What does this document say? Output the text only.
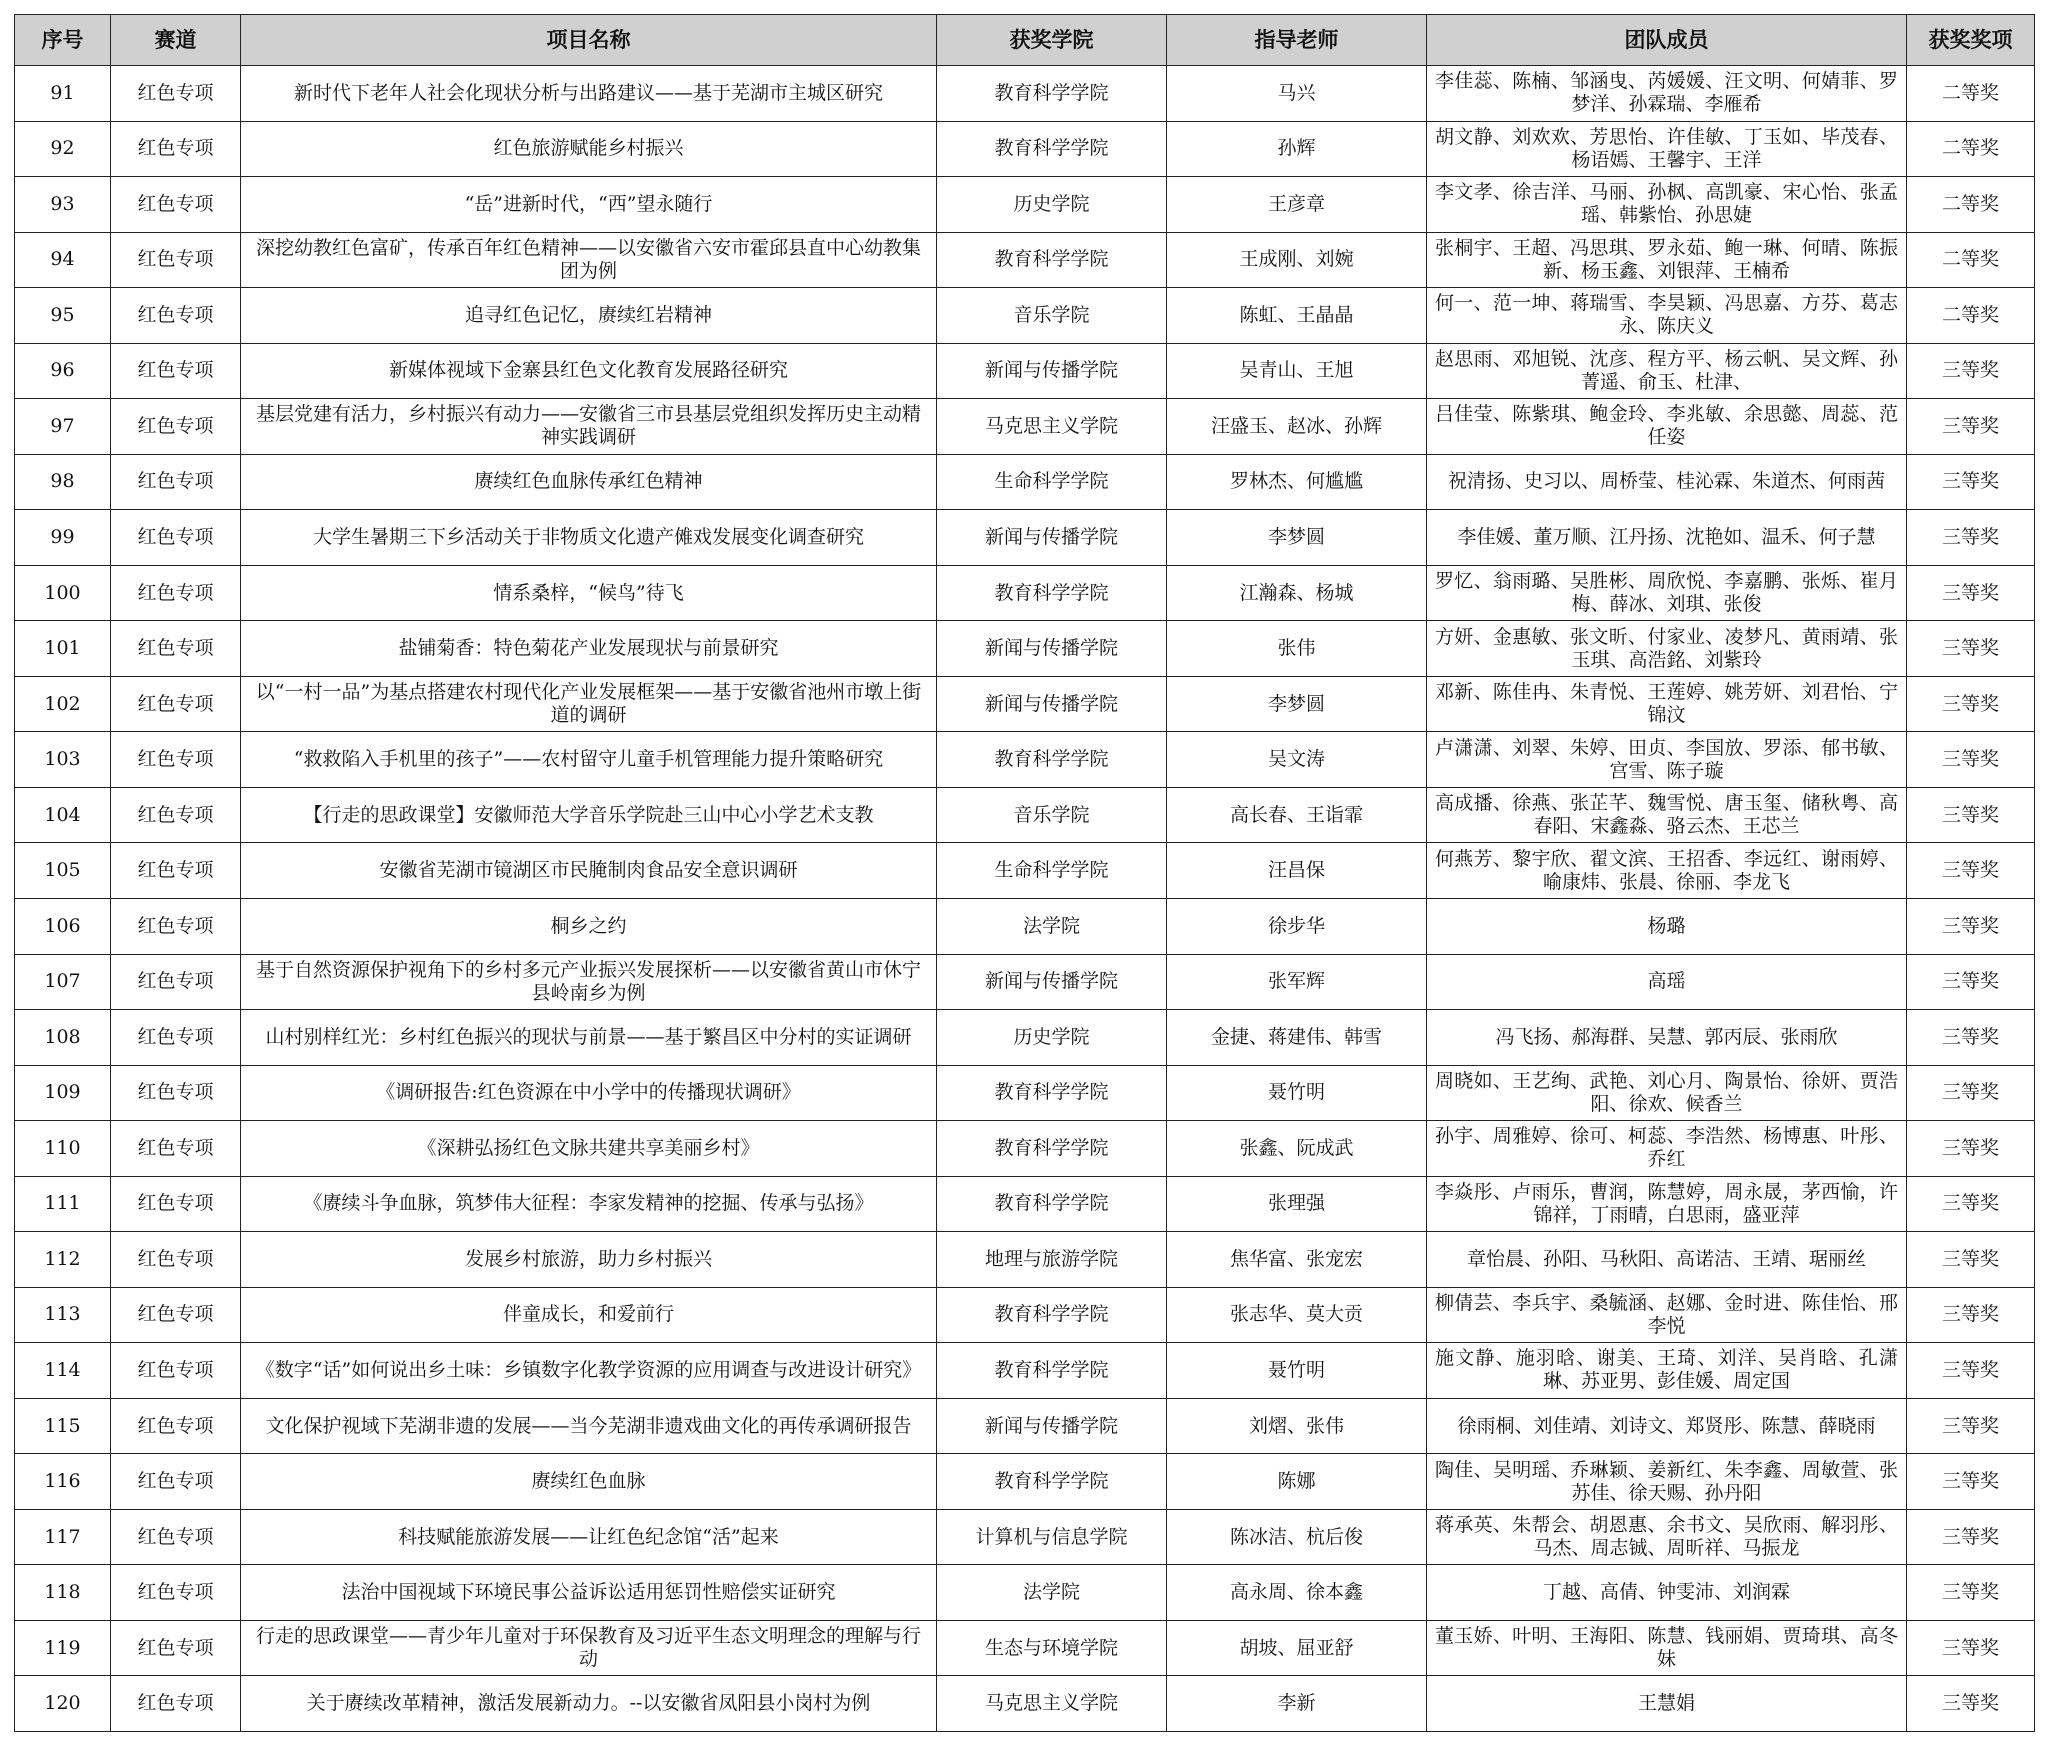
序号	赛道	项目名称	获奖学院	指导老师	团队成员	获奖奖项
91	红色专项	新时代下老年人社会化现状分析与出路建议——基于芜湖市主城区研究	教育科学学院	马兴	李佳蕊、陈楠、邹涵曳、芮媛媛、汪文明、何婧菲、罗梦洋、孙霖瑞、李雁希	二等奖
92	红色专项	红色旅游赋能乡村振兴	教育科学学院	孙辉	胡文静、刘欢欢、芳思怡、许佳敏、丁玉如、毕茂春、杨语嫣、王馨宇、王洋	二等奖
93	红色专项	“岳”进新时代，“西”望永随行	历史学院	王彦章	李文孝、徐吉洋、马丽、孙枫、高凯豪、宋心怡、张孟瑶、韩紫怡、孙思婕	二等奖
94	红色专项	深挖幼教红色富矿，传承百年红色精神——以安徽省六安市霍邱县直中心幼教集团为例	教育科学学院	王成刚、刘婉	张桐宇、王超、冯思琪、罗永茹、鲍一琳、何晴、陈振新、杨玉鑫、刘银萍、王楠希	二等奖
95	红色专项	追寻红色记忆，赓续红岩精神	音乐学院	陈虹、王晶晶	何一、范一坤、蒋瑞雪、李昊颖、冯思嘉、方芬、葛志永、陈庆义	二等奖
96	红色专项	新媒体视域下金寨县红色文化教育发展路径研究	新闻与传播学院	吴青山、王旭	赵思雨、邓旭锐、沈彦、程方平、杨云帆、吴文辉、孙菁遥、俞玉、杜津、	三等奖
97	红色专项	基层党建有活力，乡村振兴有动力——安徽省三市县基层党组织发挥历史主动精神实践调研	马克思主义学院	汪盛玉、赵冰、孙辉	吕佳莹、陈紫琪、鲍金玲、李兆敏、余思懿、周蕊、范任姿	三等奖
98	红色专项	赓续红色血脉传承红色精神	生命科学学院	罗林杰、何尴尴	祝清扬、史习以、周桥莹、桂沁霖、朱道杰、何雨茜	三等奖
99	红色专项	大学生暑期三下乡活动关于非物质文化遗产傩戏发展变化调查研究	新闻与传播学院	李梦圆	李佳媛、董万顺、江丹扬、沈艳如、温禾、何子慧	三等奖
100	红色专项	情系桑梓，“候鸟”待飞	教育科学学院	江瀚森、杨城	罗忆、翁雨璐、吴胜彬、周欣悦、李嘉鹏、张烁、崔月梅、薛冰、刘琪、张俊	三等奖
101	红色专项	盐铺菊香：特色菊花产业发展现状与前景研究	新闻与传播学院	张伟	方妍、金惠敏、张文昕、付家业、凌梦凡、黄雨靖、张玉琪、高浩銘、刘紫玲	三等奖
102	红色专项	以“一村一品”为基点搭建农村现代化产业发展框架——基于安徽省池州市墩上街道的调研	新闻与传播学院	李梦圆	邓新、陈佳冉、朱青悦、王莲婷、姚芳妍、刘君怡、宁锦汶	三等奖
103	红色专项	“救救陷入手机里的孩子”——农村留守儿童手机管理能力提升策略研究	教育科学学院	吴文涛	卢潇潇、刘翠、朱婷、田贞、李国放、罗添、郁书敏、宫雪、陈子璇	三等奖
104	红色专项	【行走的思政课堂】安徽师范大学音乐学院赴三山中心小学艺术支教	音乐学院	高长春、王诣霏	高成播、徐燕、张芷芊、魏雪悦、唐玉玺、储秋粤、高春阳、宋鑫淼、骆云杰、王芯兰	三等奖
105	红色专项	安徽省芜湖市镜湖区市民腌制肉食品安全意识调研	生命科学学院	汪昌保	何燕芳、黎宇欣、翟文滨、王招香、李远红、谢雨婷、喻康炜、张晨、徐丽、李龙飞	三等奖
106	红色专项	桐乡之约	法学院	徐步华	杨璐	三等奖
107	红色专项	基于自然资源保护视角下的乡村多元产业振兴发展探析——以安徽省黄山市休宁县岭南乡为例	新闻与传播学院	张军辉	高瑶	三等奖
108	红色专项	山村别样红光：乡村红色振兴的现状与前景——基于繁昌区中分村的实证调研	历史学院	金捷、蒋建伟、韩雪	冯飞扬、郝海群、吴慧、郭丙辰、张雨欣	三等奖
109	红色专项	《调研报告:红色资源在中小学中的传播现状调研》	教育科学学院	聂竹明	周晓如、王艺绚、武艳、刘心月、陶景怡、徐妍、贾浩阳、徐欢、候香兰	三等奖
110	红色专项	《深耕弘扬红色文脉共建共享美丽乡村》	教育科学学院	张鑫、阮成武	孙宇、周雅婷、徐可、柯蕊、李浩然、杨博惠、叶彤、乔红	三等奖
111	红色专项	《赓续斗争血脉，筑梦伟大征程：李家发精神的挖掘、传承与弘扬》	教育科学学院	张理强	李焱彤、卢雨乐，曹润，陈慧婷，周永晟，茅西愉，许锦祥，丁雨晴，白思雨，盛亚萍	三等奖
112	红色专项	发展乡村旅游，助力乡村振兴	地理与旅游学院	焦华富、张宠宏	章怡晨、孙阳、马秋阳、高诺洁、王靖、琚丽丝	三等奖
113	红色专项	伴童成长，和爱前行	教育科学学院	张志华、莫大贡	柳倩芸、李兵宇、桑毓涵、赵娜、金时进、陈佳怡、邢李悦	三等奖
114	红色专项	《数字“话”如何说出乡土味：乡镇数字化教学资源的应用调查与改进设计研究》	教育科学学院	聂竹明	施文静、施羽晗、谢美、王琦、刘洋、吴肖晗、孔潇琳、苏亚男、彭佳媛、周定国	三等奖
115	红色专项	文化保护视域下芜湖非遗的发展——当今芜湖非遗戏曲文化的再传承调研报告	新闻与传播学院	刘熠、张伟	徐雨桐、刘佳靖、刘诗文、郑贤彤、陈慧、薛晓雨	三等奖
116	红色专项	赓续红色血脉	教育科学学院	陈娜	陶佳、吴明瑶、乔琳颖、姜新红、朱李鑫、周敏萱、张苏佳、徐天赐、孙丹阳	三等奖
117	红色专项	科技赋能旅游发展——让红色纪念馆“活”起来	计算机与信息学院	陈冰洁、杭后俊	蒋承英、朱帮会、胡恩惠、余书文、吴欣雨、解羽彤、马杰、周志铖、周昕祥、马振龙	三等奖
118	红色专项	法治中国视域下环境民事公益诉讼适用惩罚性赔偿实证研究	法学院	高永周、徐本鑫	丁越、高倩、钟雯沛、刘润霖	三等奖
119	红色专项	行走的思政课堂——青少年儿童对于环保教育及习近平生态文明理念的理解与行动	生态与环境学院	胡坡、屈亚舒	董玉娇、叶明、王海阳、陈慧、钱丽娟、贾琦琪、高冬妹	三等奖
120	红色专项	关于赓续改革精神，激活发展新动力。--以安徽省凤阳县小岗村为例	马克思主义学院	李新	王慧娟	三等奖
